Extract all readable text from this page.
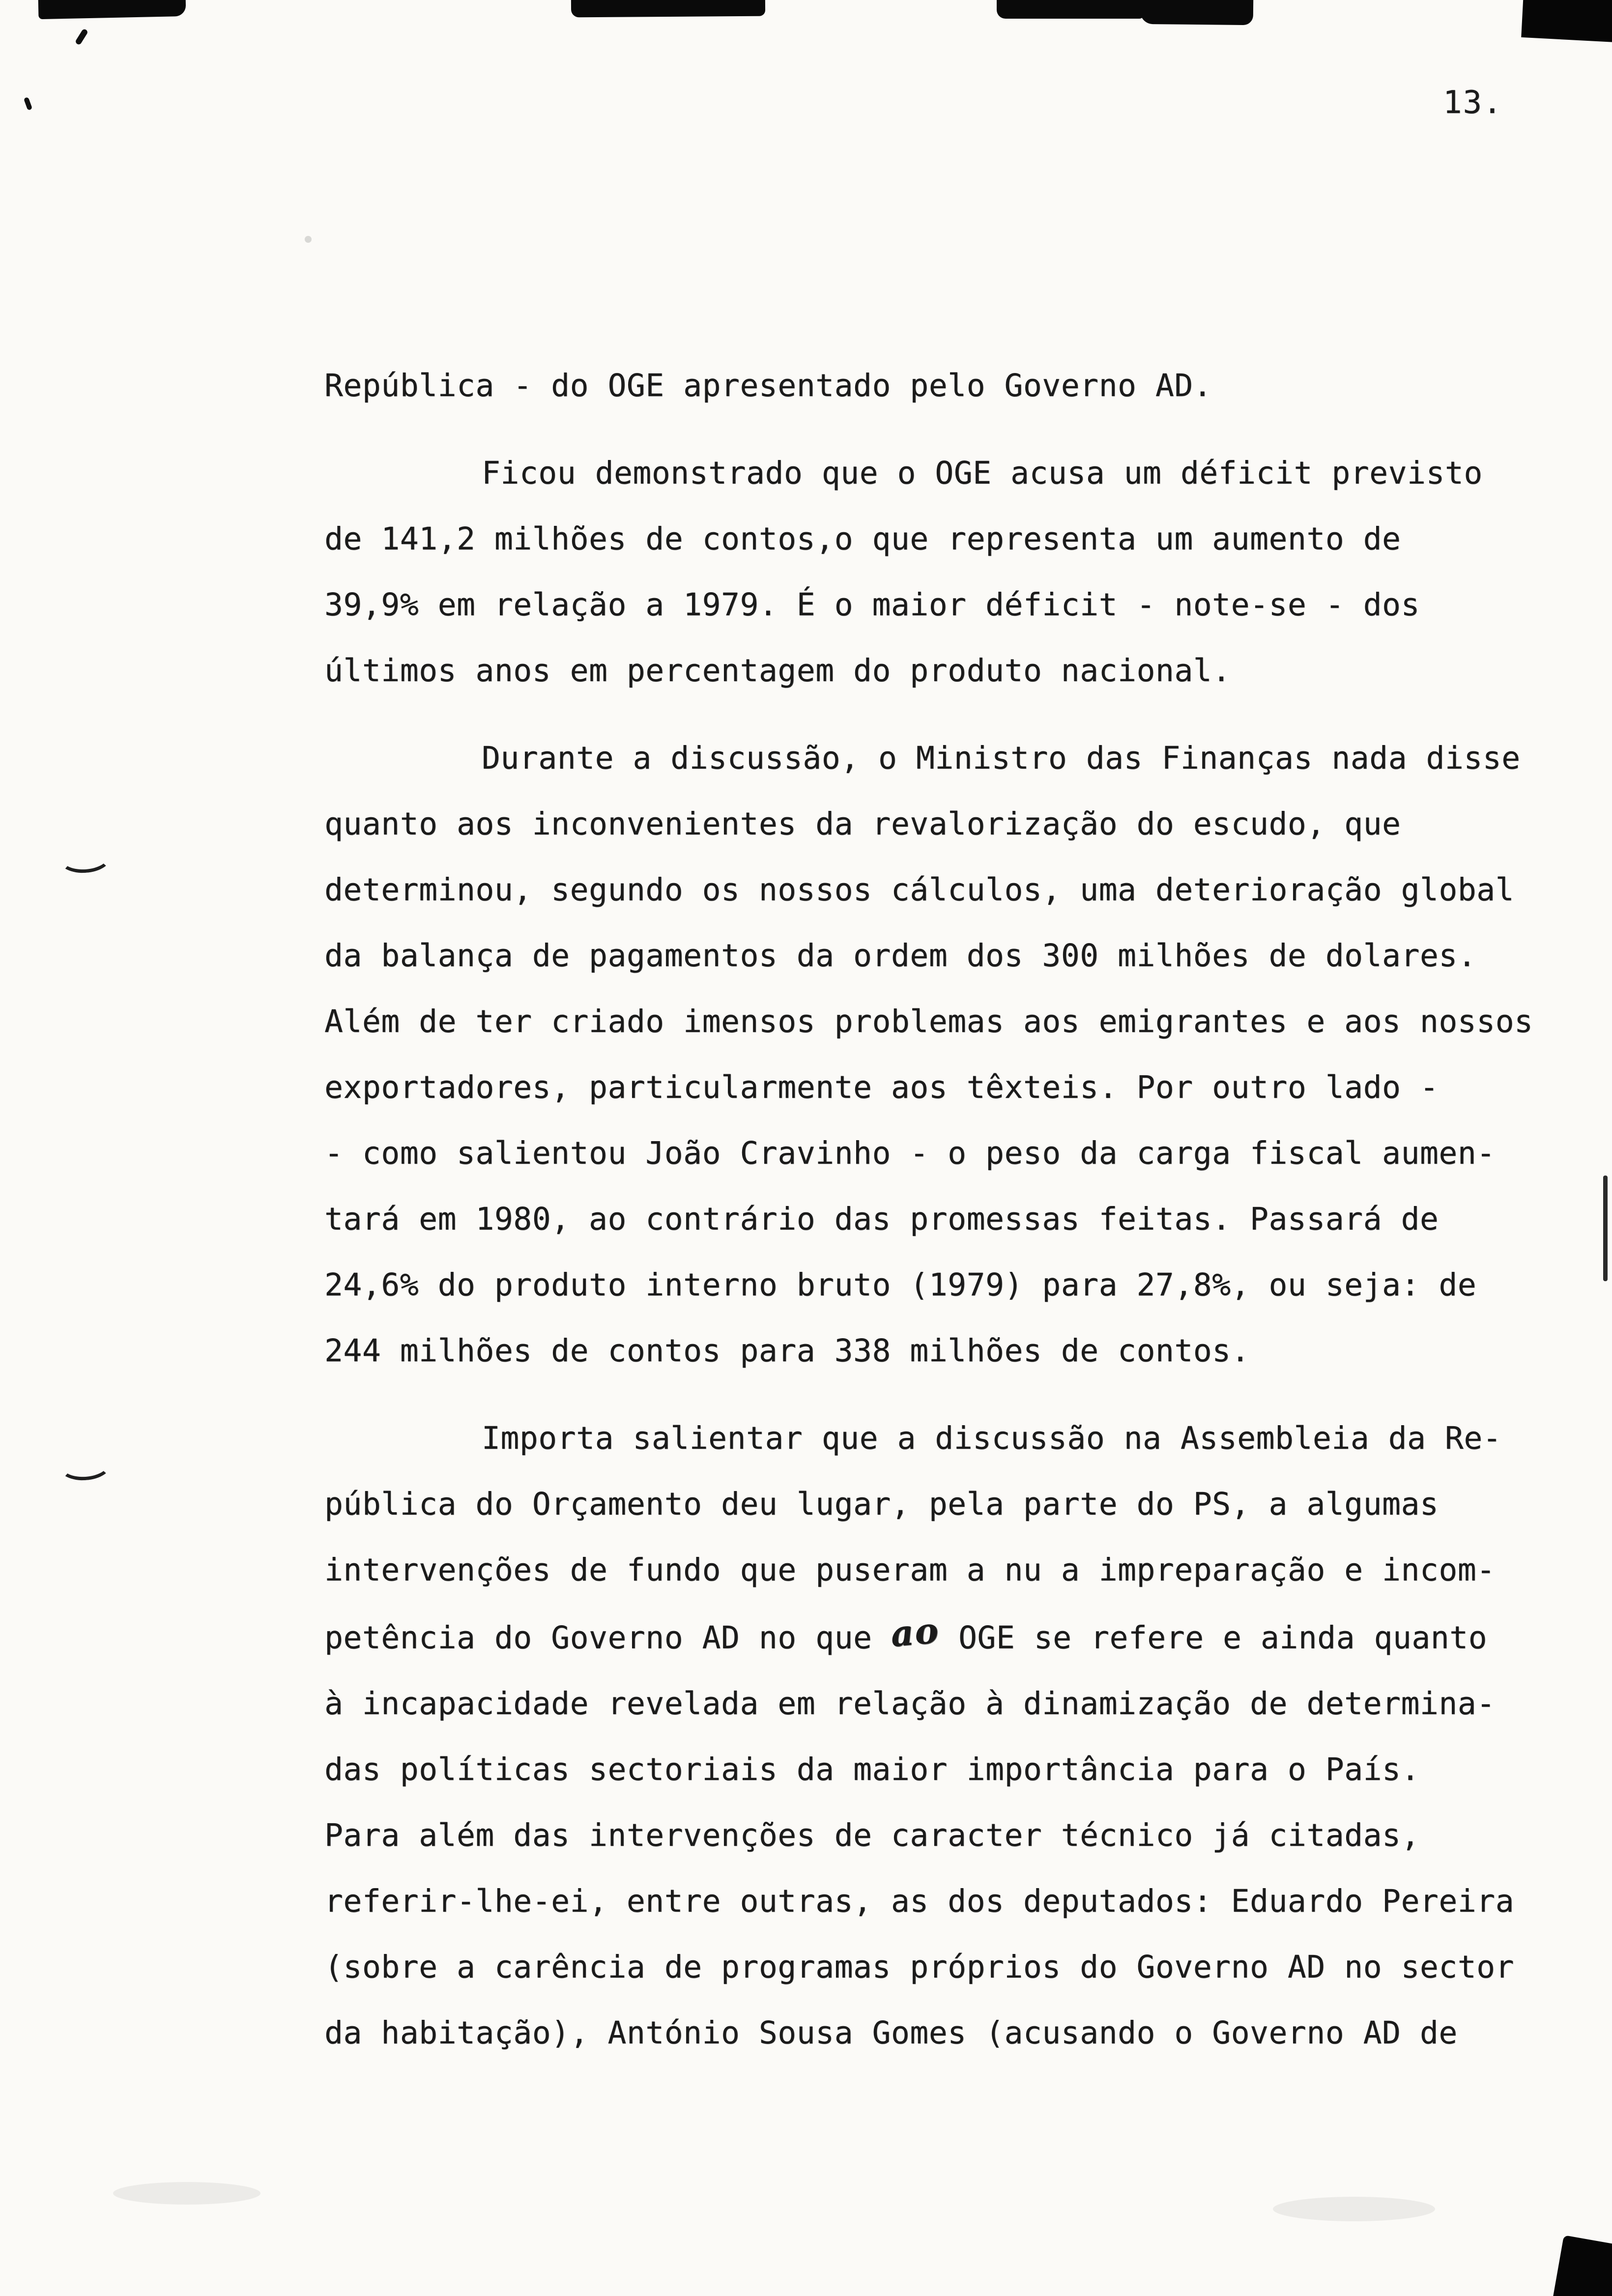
13.

República - do OGE apresentado pelo Governo AD.

Ficou demonstrado que o OGE acusa um déficit previsto
de 141,2 milhões de contos,o que representa um aumento de
39,9% em relação a 1979. É o maior déficit - note-se - dos
últimos anos em percentagem do produto nacional.

Durante a discussão, o Ministro das Finanças nada disse
quanto aos inconvenientes da revalorização do escudo, que
determinou, segundo os nossos cálculos, uma deterioração global
da balança de pagamentos da ordem dos 300 milhões de dolares.
Além de ter criado imensos problemas aos emigrantes e aos nossos
exportadores, particularmente aos têxteis. Por outro lado -
- como salientou João Cravinho - o peso da carga fiscal aumen-
tará em 1980, ao contrário das promessas feitas. Passará de
24,6% do produto interno bruto (1979) para 27,8%, ou seja: de
244 milhões de contos para 338 milhões de contos.

Importa salientar que a discussão na Assembleia da Re-
pública do Orçamento deu lugar, pela parte do PS, a algumas
intervenções de fundo que puseram a nu a impreparação e incom-
petência do Governo AD no que ao OGE se refere e ainda quanto
à incapacidade revelada em relação à dinamização de determina-
das políticas sectoriais da maior importância para o País.
Para além das intervenções de caracter técnico já citadas,
referir-lhe-ei, entre outras, as dos deputados: Eduardo Pereira
(sobre a carência de programas próprios do Governo AD no sector
da habitação), António Sousa Gomes (acusando o Governo AD de
